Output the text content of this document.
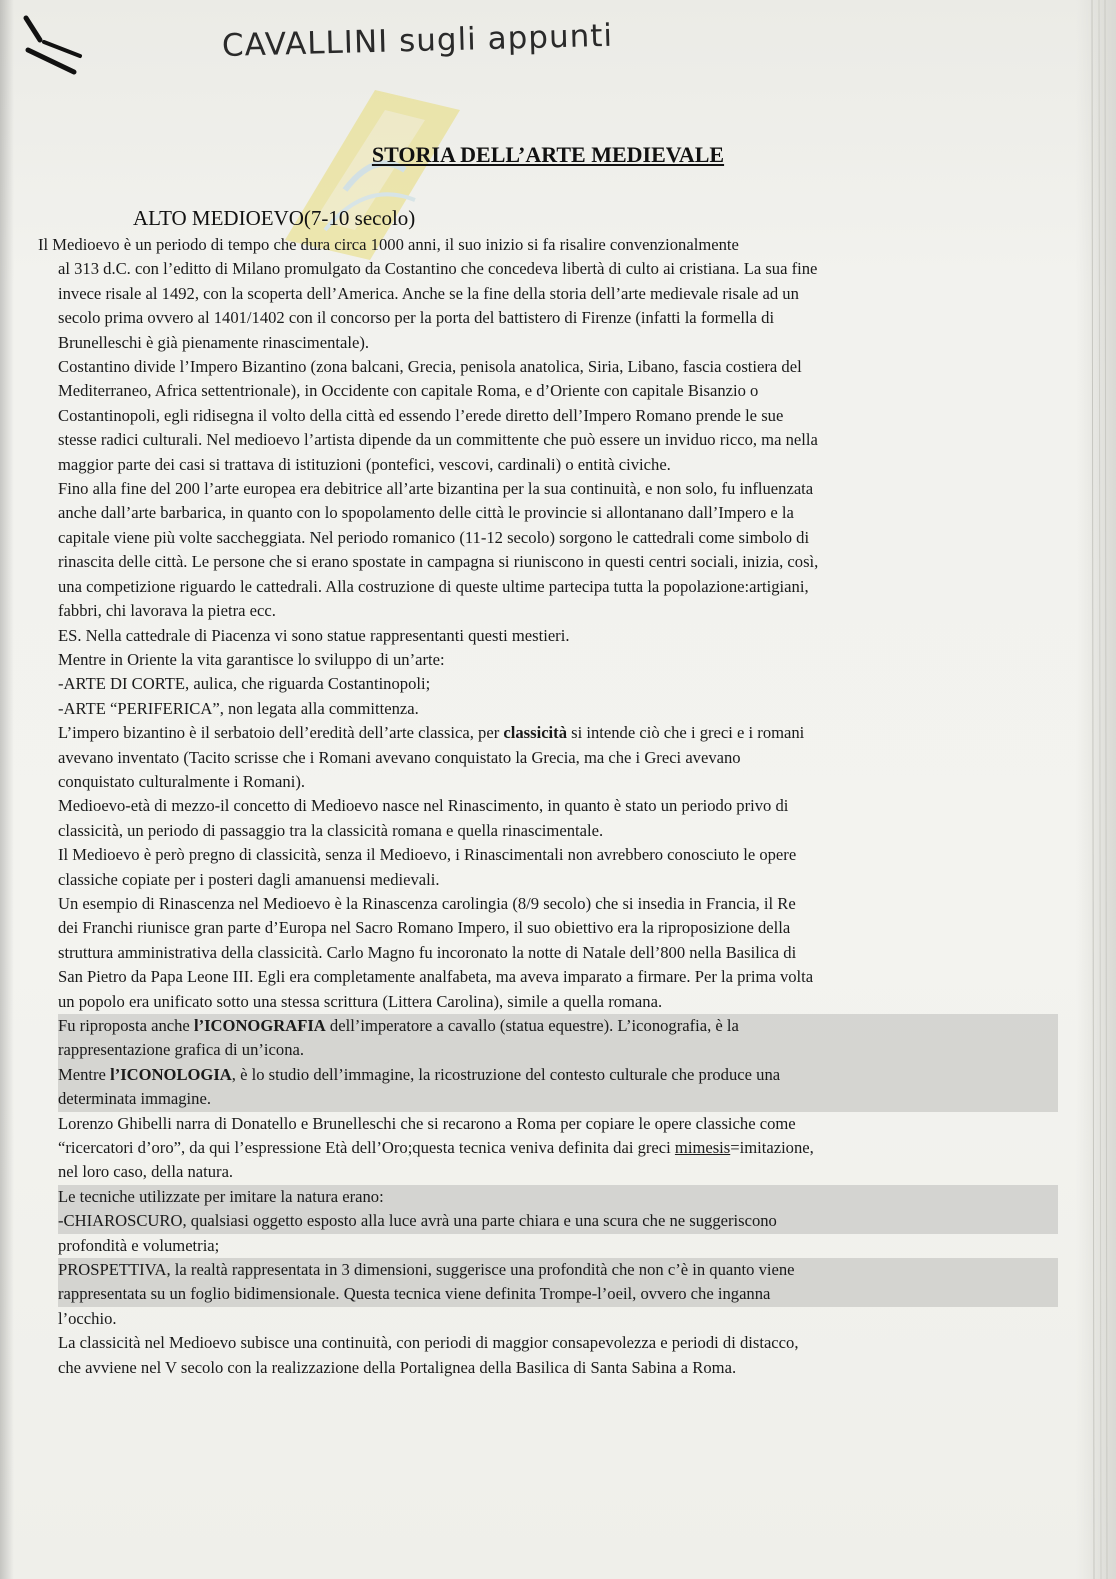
CAVALLINI sugli appunti

STORIA DELL’ARTE MEDIEVALE
ALTO MEDIOEVO(7-10 secolo)
Il Medioevo è un periodo di tempo che dura circa 1000 anni, il suo inizio si fa risalire convenzionalmente
al 313 d.C. con l’editto di Milano promulgato da Costantino che concedeva libertà di culto ai cristiana. La sua fine
invece risale al 1492, con la scoperta dell’America. Anche se la fine della storia dell’arte medievale risale ad un
secolo prima ovvero al 1401/1402 con il concorso per la porta del battistero di Firenze (infatti la formella di
Brunelleschi è già pienamente rinascimentale).
Costantino divide l’Impero Bizantino (zona balcani, Grecia, penisola anatolica, Siria, Libano, fascia costiera del
Mediterraneo, Africa settentrionale), in Occidente con capitale Roma, e d’Oriente con capitale Bisanzio o
Costantinopoli, egli ridisegna il volto della città ed essendo l’erede diretto dell’Impero Romano prende le sue
stesse radici culturali. Nel medioevo l’artista dipende da un committente che può essere un inviduo ricco, ma nella
maggior parte dei casi si trattava di istituzioni (pontefici, vescovi, cardinali) o entità civiche.
Fino alla fine del 200 l’arte europea era debitrice all’arte bizantina per la sua continuità, e non solo, fu influenzata
anche dall’arte barbarica, in quanto con lo spopolamento delle città le provincie si allontanano dall’Impero e la
capitale viene più volte saccheggiata. Nel periodo romanico (11-12 secolo) sorgono le cattedrali come simbolo di
rinascita delle città. Le persone che si erano spostate in campagna si riuniscono in questi centri sociali, inizia, così,
una competizione riguardo le cattedrali. Alla costruzione di queste ultime partecipa tutta la popolazione:artigiani,
fabbri, chi lavorava la pietra ecc.
ES. Nella cattedrale di Piacenza vi sono statue rappresentanti questi mestieri.
Mentre in Oriente la vita garantisce lo sviluppo di un’arte:
-ARTE DI CORTE, aulica, che riguarda Costantinopoli;
-ARTE “PERIFERICA”, non legata alla committenza.
L’impero bizantino è il serbatoio dell’eredità dell’arte classica, per classicità si intende ciò che i greci e i romani
avevano inventato (Tacito scrisse che i Romani avevano conquistato la Grecia, ma che i Greci avevano
conquistato culturalmente i Romani).
Medioevo-età di mezzo-il concetto di Medioevo nasce nel Rinascimento, in quanto è stato un periodo privo di
classicità, un periodo di passaggio tra la classicità romana e quella rinascimentale.
Il Medioevo è però pregno di classicità, senza il Medioevo, i Rinascimentali non avrebbero conosciuto le opere
classiche copiate per i posteri dagli amanuensi medievali.
Un esempio di Rinascenza nel Medioevo è la Rinascenza carolingia (8/9 secolo) che si insedia in Francia, il Re
dei Franchi riunisce gran parte d’Europa nel Sacro Romano Impero, il suo obiettivo era la riproposizione della
struttura amministrativa della classicità. Carlo Magno fu incoronato la notte di Natale dell’800 nella Basilica di
San Pietro da Papa Leone III. Egli era completamente analfabeta, ma aveva imparato a firmare. Per la prima volta
un popolo era unificato sotto una stessa scrittura (Littera Carolina), simile a quella romana.
Fu riproposta anche l’ICONOGRAFIA dell’imperatore a cavallo (statua equestre). L’iconografia, è la
rappresentazione grafica di un’icona.
Mentre l’ICONOLOGIA, è lo studio dell’immagine, la ricostruzione del contesto culturale che produce una
determinata immagine.
Lorenzo Ghibelli narra di Donatello e Brunelleschi che si recarono a Roma per copiare le opere classiche come
“ricercatori d’oro”, da qui l’espressione Età dell’Oro;questa tecnica veniva definita dai greci mimesis=imitazione,
nel loro caso, della natura.
Le tecniche utilizzate per imitare la natura erano:
-CHIAROSCURO, qualsiasi oggetto esposto alla luce avrà una parte chiara e una scura che ne suggeriscono
profondità e volumetria;
PROSPETTIVA, la realtà rappresentata in 3 dimensioni, suggerisce una profondità che non c’è in quanto viene
rappresentata su un foglio bidimensionale. Questa tecnica viene definita Trompe-l’oeil, ovvero che inganna
l’occhio.
La classicità nel Medioevo subisce una continuità, con periodi di maggior consapevolezza e periodi di distacco,
che avviene nel V secolo con la realizzazione della Portalignea della Basilica di Santa Sabina a Roma.
